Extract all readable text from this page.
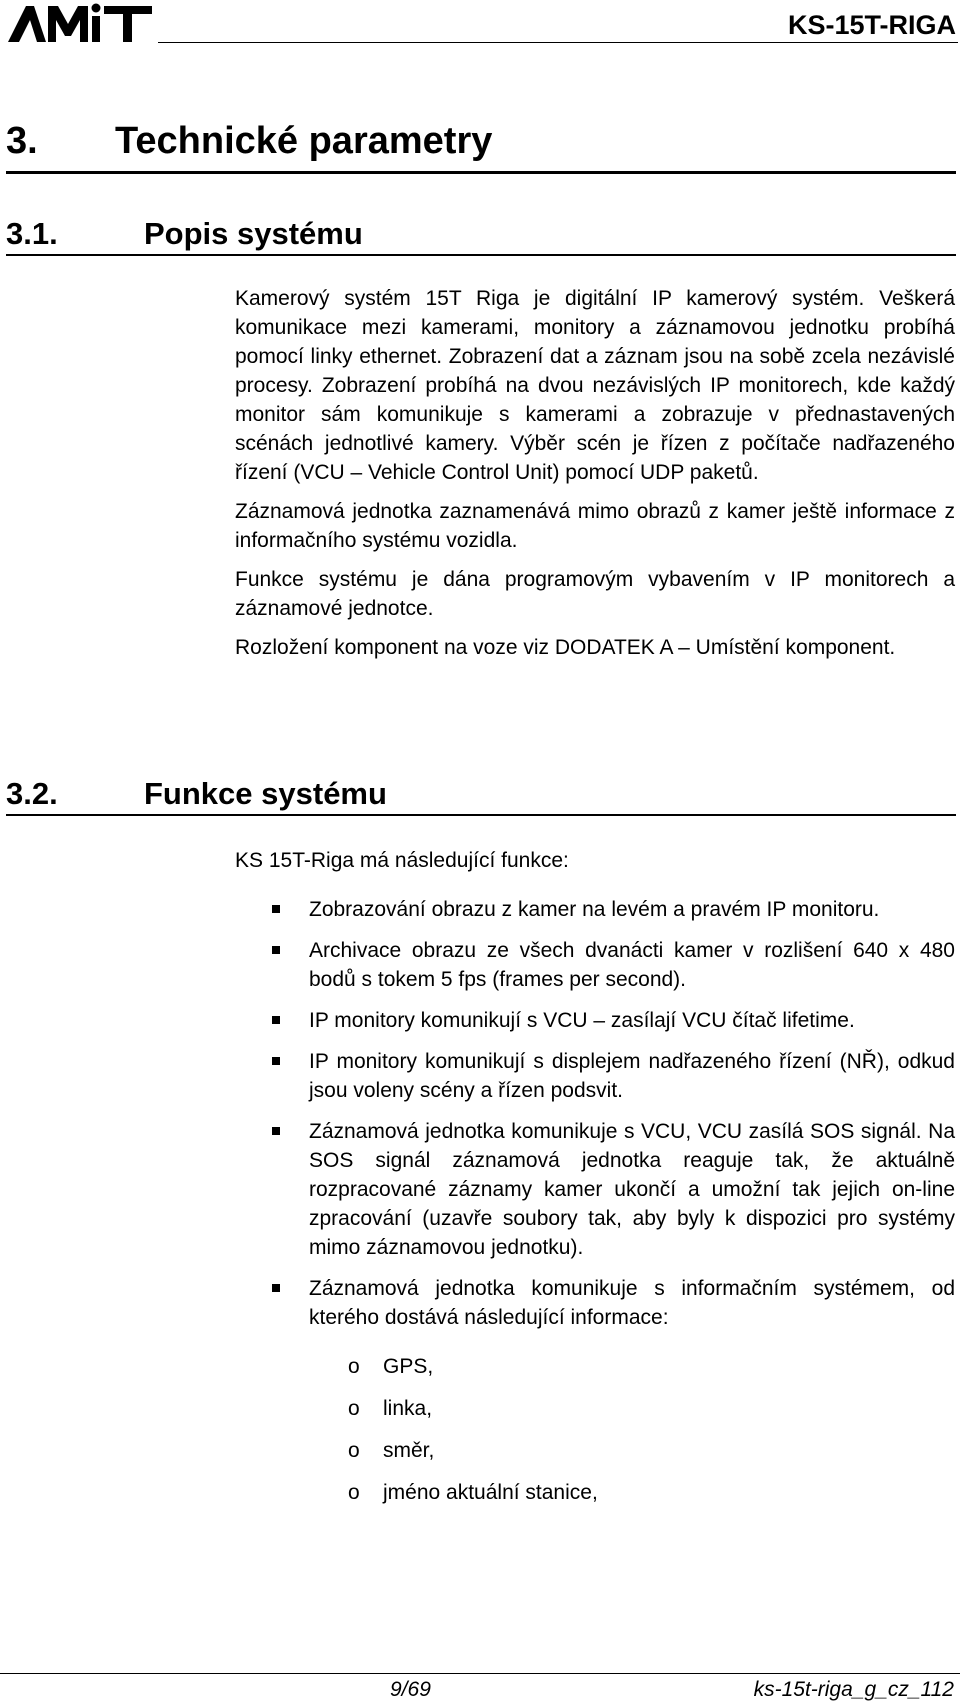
KS-15T-RIGA
3. Technické parametry
3.1.	Popis systému

Kamerový systém 15T Riga je digitální IP kamerový systém. Veškerá komunikace mezi kamerami, monitory a záznamovou jednotku probíhá pomocí linky ethernet. Zobrazení dat a záznam jsou na sobě zcela nezávislé procesy. Zobrazení probíhá na dvou nezávislých IP monitorech, kde každý monitor sám komunikuje s kamerami a zobrazuje v přednastavených scénách jednotlivé kamery. Výběr scén je řízen z počítače nadřazeného řízení (VCU – Vehicle Control Unit) pomocí UDP paketů.

Záznamová jednotka zaznamenává mimo obrazů z kamer ještě informace z informačního systému vozidla.

Funkce systému je dána programovým vybavením v IP monitorech a záznamové jednotce.

Rozložení komponent na voze viz DODATEK A – Umístění komponent.

3.2.	Funkce systému

KS 15T-Riga má následující funkce:

Zobrazování obrazu z kamer na levém a pravém IP monitoru.
Archivace obrazu ze všech dvanácti kamer v rozlišení 640 x 480 bodů s tokem 5 fps (frames per second).
IP monitory komunikují s VCU – zasílají VCU čítač lifetime.
IP monitory komunikují s displejem nadřazeného řízení (NŘ), odkud jsou voleny scény a řízen podsvit.
Záznamová jednotka komunikuje s VCU, VCU zasílá SOS signál. Na SOS signál záznamová jednotka reaguje tak, že aktuálně rozpracované záznamy kamer ukončí a umožní tak jejich on-line zpracování (uzavře soubory tak, aby byly k dispozici pro systémy mimo záznamovou jednotku).
Záznamová jednotka komunikuje s informačním systémem, od kterého dostává následující informace:
o GPS,
o linka,
o směr,
o jméno aktuální stanice,
9/69	ks-15t-riga_g_cz_112
